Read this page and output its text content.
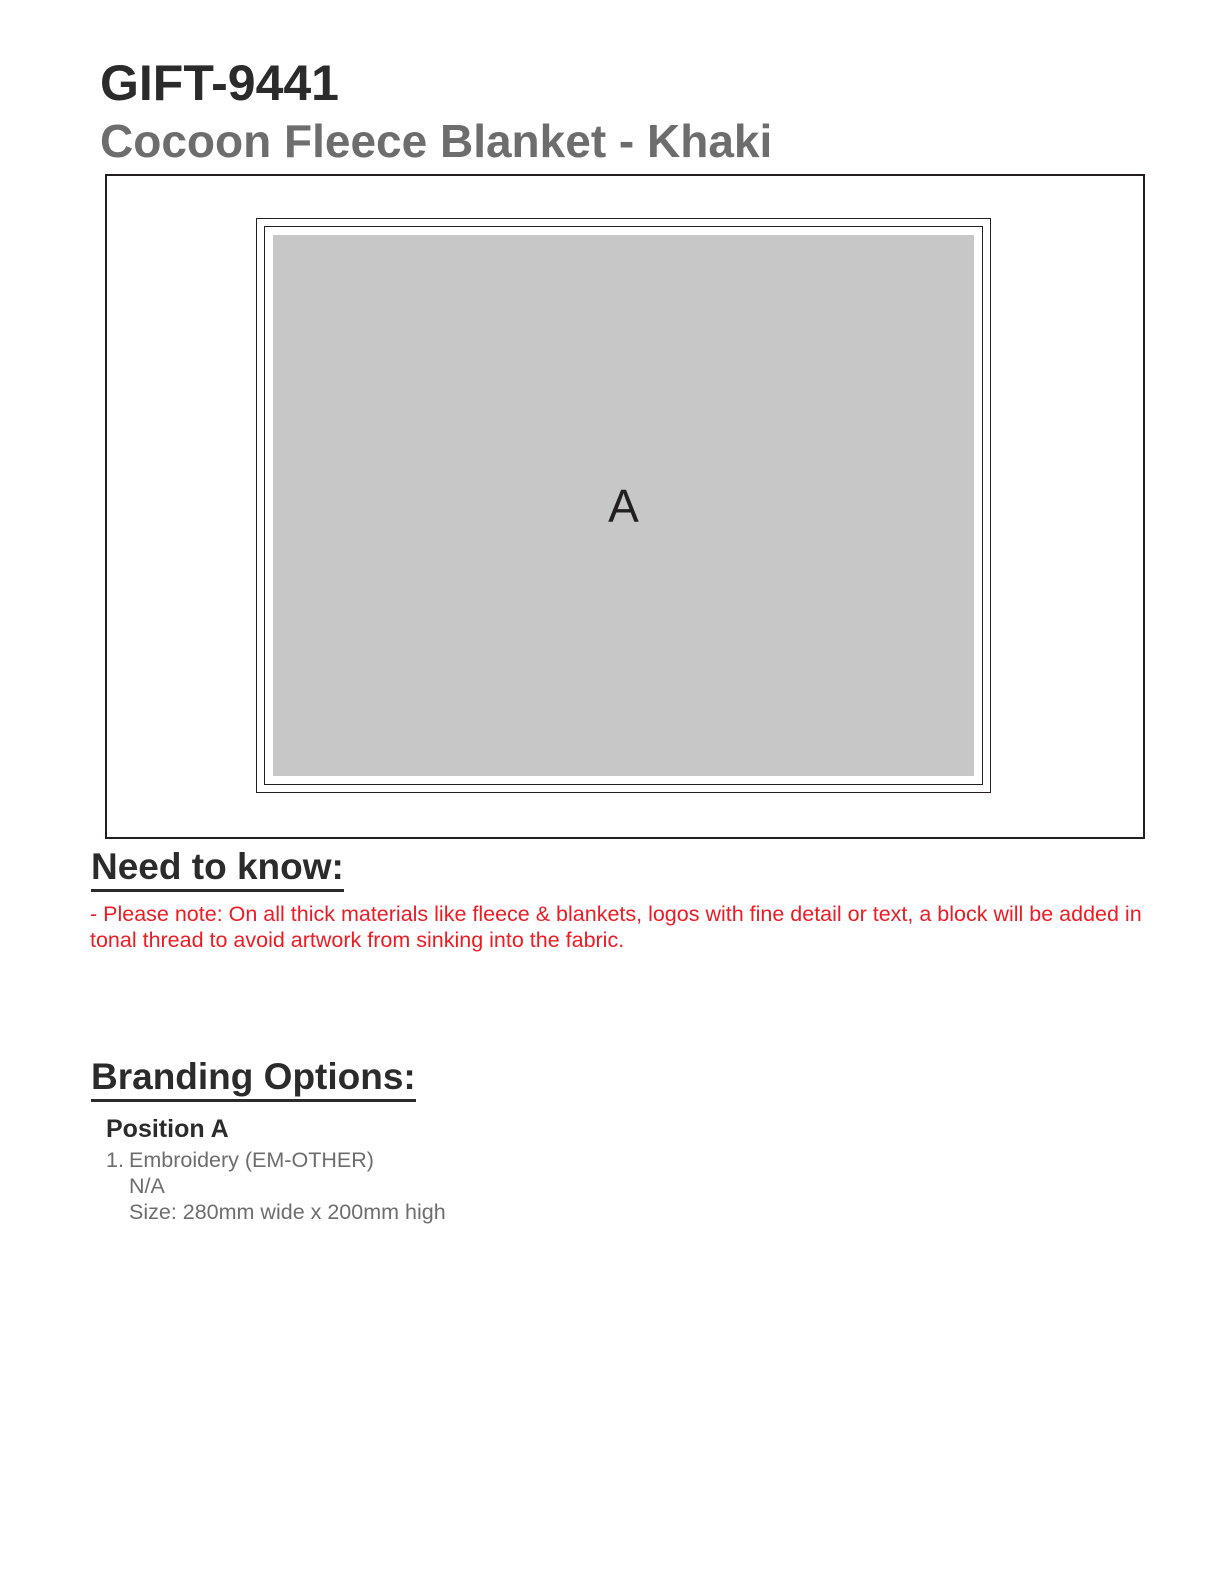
GIFT-9441
Cocoon Fleece Blanket - Khaki
A
Need to know:

- Please note: On all thick materials like fleece & blankets, logos with fine detail or text, a block will be added in tonal thread to avoid artwork from sinking into the fabric.

Branding Options:
Position A
1. Embroidery (EM-OTHER)
N/A
Size: 280mm wide x 200mm high
